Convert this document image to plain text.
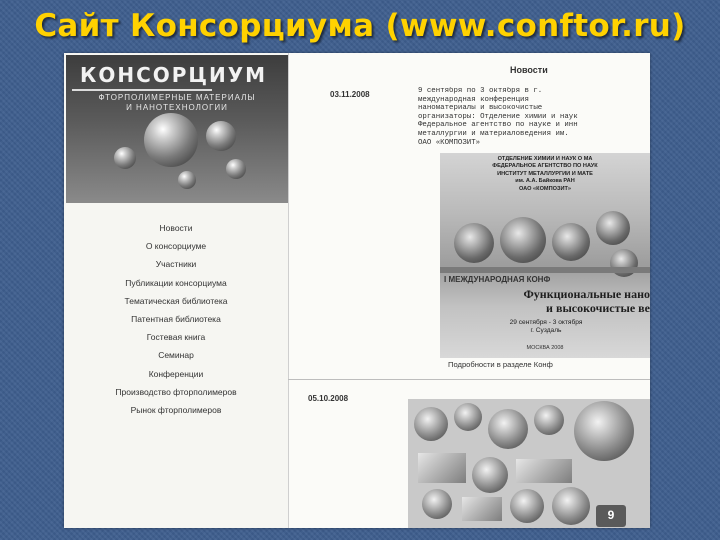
Сайт Консорциума (www.conftor.ru)
КОНСОРЦИУМ
ФТОРПОЛИМЕРНЫЕ МАТЕРИАЛЫ
И НАНОТЕХНОЛОГИИ
Новости
О консорциуме
Участники
Публикации консорциума
Тематическая библиотека
Патентная библиотека
Гостевая книга
Семинар
Конференции
Производство фторполимеров
Рынок фторполимеров
Новости
03.11.2008	9 сентября по 3 октября в г.
международная конференция
наноматериалы и высокочистые
организаторы: Отделение химии и наук
Федеральное агентство по науке и инн
металлургии и материаловедения им.
ОАО «КОМПОЗИТ»
ОТДЕЛЕНИЕ ХИМИИ И НАУК О МА
ФЕДЕРАЛЬНОЕ АГЕНТСТВО ПО НАУК
ИНСТИТУТ МЕТАЛЛУРГИИ И МАТЕ
им. А.А. Байкова РАН
ОАО «КОМПОЗИТ»
I МЕЖДУНАРОДНАЯ КОНФ
Функциональные нано
и высокочистые ве
29 сентября - 3 октября
г. Суздаль
МОСКВА 2008
Подробности в разделе Конф
05.10.2008
9
